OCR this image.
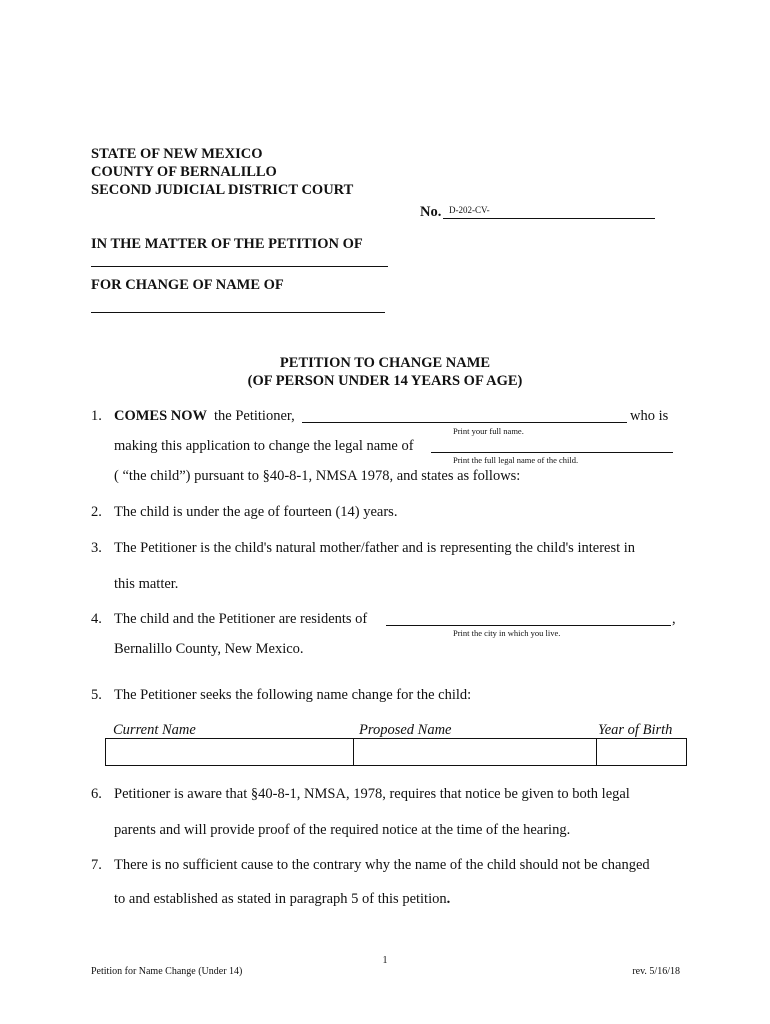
STATE OF NEW MEXICO
COUNTY OF BERNALILLO
SECOND JUDICIAL DISTRICT COURT
No. D-202-CV-
IN THE MATTER OF THE PETITION OF
FOR CHANGE OF NAME OF
PETITION TO CHANGE NAME
(OF PERSON UNDER 14 YEARS OF AGE)
1. COMES NOW the Petitioner,	who is
Print your full name.
making this application to change the legal name of
Print the full legal name of the child.
( “the child”) pursuant to §40-8-1, NMSA 1978, and states as follows:
2. The child is under the age of fourteen (14) years.
3. The Petitioner is the child's natural mother/father and is representing the child's interest in
this matter.
4. The child and the Petitioner are residents of	,
Print the city in which you live.
Bernalillo County, New Mexico.
5. The Petitioner seeks the following name change for the child:
Current Name	Proposed Name	Year of Birth
6. Petitioner is aware that §40-8-1, NMSA, 1978, requires that notice be given to both legal
parents and will provide proof of the required notice at the time of the hearing.
7. There is no sufficient cause to the contrary why the name of the child should not be changed
to and established as stated in paragraph 5 of this petition.
1
Petition for Name Change (Under 14)	rev. 5/16/18
